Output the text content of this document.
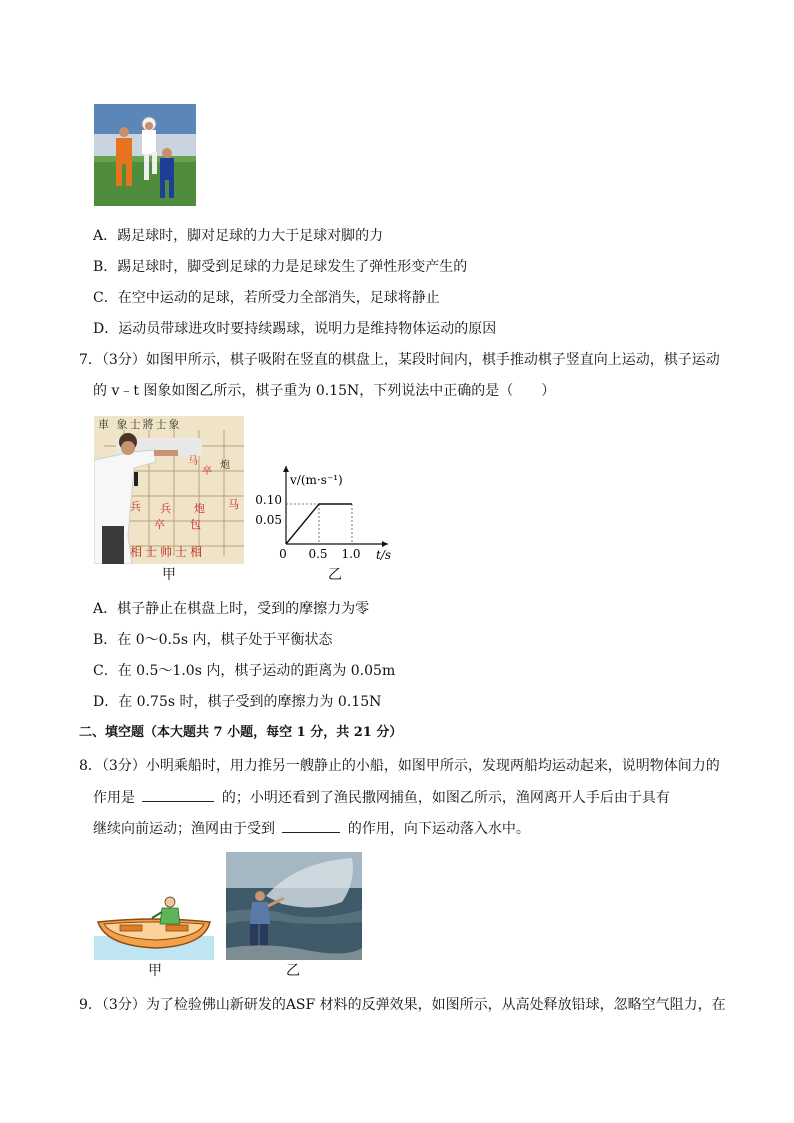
A．踢足球时，脚对足球的力大于足球对脚的力
B．踢足球时，脚受到足球的力是足球发生了弹性形变产生的
C．在空中运动的足球，若所受力全部消失，足球将静止
D．运动员带球进攻时要持续踢球，说明力是维持物体运动的原因
7．（3分）如图甲所示，棋子吸附在竖直的棋盘上，某段时间内，棋手推动棋子竖直向上运动，棋子运动
的 v﹣t 图象如图乙所示，棋子重为 0.15N，下列说法中正确的是（　　）
車 象士將士象
卒
马 炮
兵	炮
兵	马
包
卒
相士帅士相
甲
v/(m·s⁻¹)
t/s
0.10
0.05
0 0.5 1.0
乙
A．棋子静止在棋盘上时，受到的摩擦力为零
B．在 0～0.5s 内，棋子处于平衡状态
C．在 0.5～1.0s 内，棋子运动的距离为 0.05m
D．在 0.75s 时，棋子受到的摩擦力为 0.15N
二、填空题（本大题共 7 小题，每空 1 分，共 21 分）
8．（3分）小明乘船时，用力推另一艘静止的小船，如图甲所示，发现两船均运动起来，说明物体间力的
作用是	的；小明还看到了渔民撒网捕鱼，如图乙所示，渔网离开人手后由于具有
继续向前运动；渔网由于受到	的作用，向下运动落入水中。
甲	乙
9．（3分）为了检验佛山新研发的ASF 材料的反弹效果，如图所示，从高处释放铅球，忽略空气阻力，在
